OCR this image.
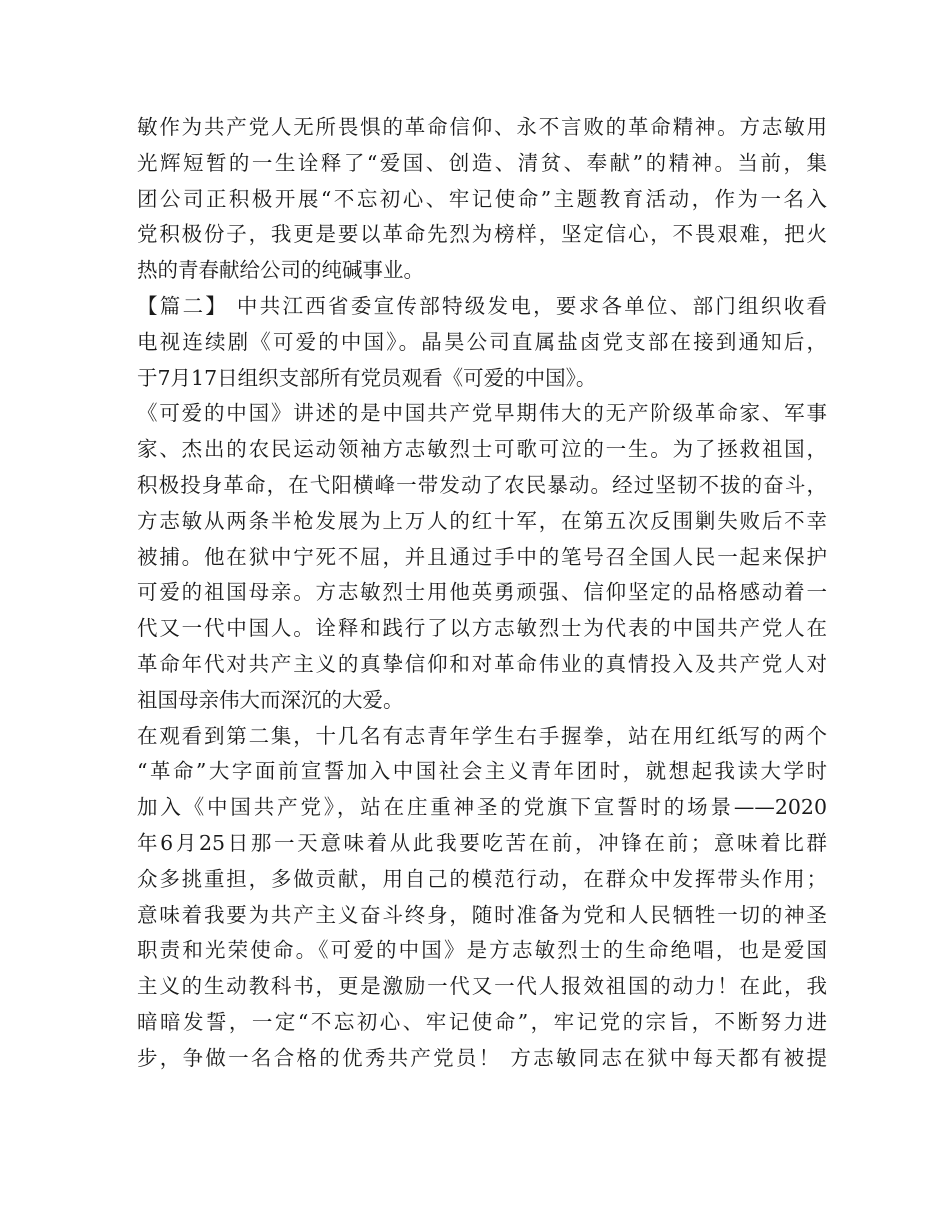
敏作为共产党人无所畏惧的革命信仰、永不言败的革命精神。方志敏用
光辉短暂的一生诠释了“爱国、创造、清贫、奉献”的精神。当前，集
团公司正积极开展“不忘初心、牢记使命”主题教育活动，作为一名入
党积极份子，我更是要以革命先烈为榜样，坚定信心，不畏艰难，把火
热的青春献给公司的纯碱事业。
【篇二】 中共江西省委宣传部特级发电，要求各单位、部门组织收看
电视连续剧《可爱的中国》。晶昊公司直属盐卤党支部在接到通知后，
于7月17日组织支部所有党员观看《可爱的中国》。
《可爱的中国》讲述的是中国共产党早期伟大的无产阶级革命家、军事
家、杰出的农民运动领袖方志敏烈士可歌可泣的一生。为了拯救祖国，
积极投身革命，在弋阳横峰一带发动了农民暴动。经过坚韧不拔的奋斗，
方志敏从两条半枪发展为上万人的红十军，在第五次反围剿失败后不幸
被捕。他在狱中宁死不屈，并且通过手中的笔号召全国人民一起来保护
可爱的祖国母亲。方志敏烈士用他英勇顽强、信仰坚定的品格感动着一
代又一代中国人。诠释和践行了以方志敏烈士为代表的中国共产党人在
革命年代对共产主义的真挚信仰和对革命伟业的真情投入及共产党人对
祖国母亲伟大而深沉的大爱。
在观看到第二集，十几名有志青年学生右手握拳，站在用红纸写的两个
“革命”大字面前宣誓加入中国社会主义青年团时，就想起我读大学时
加入《中国共产党》，站在庄重神圣的党旗下宣誓时的场景——2020
年6月25日那一天意味着从此我要吃苦在前，冲锋在前；意味着比群
众多挑重担，多做贡献，用自己的模范行动，在群众中发挥带头作用；
意味着我要为共产主义奋斗终身，随时准备为党和人民牺牲一切的神圣
职责和光荣使命。《可爱的中国》是方志敏烈士的生命绝唱，也是爱国
主义的生动教科书，更是激励一代又一代人报效祖国的动力！在此，我
暗暗发誓，一定“不忘初心、牢记使命”，牢记党的宗旨，不断努力进
步，争做一名合格的优秀共产党员！ 方志敏同志在狱中每天都有被提
